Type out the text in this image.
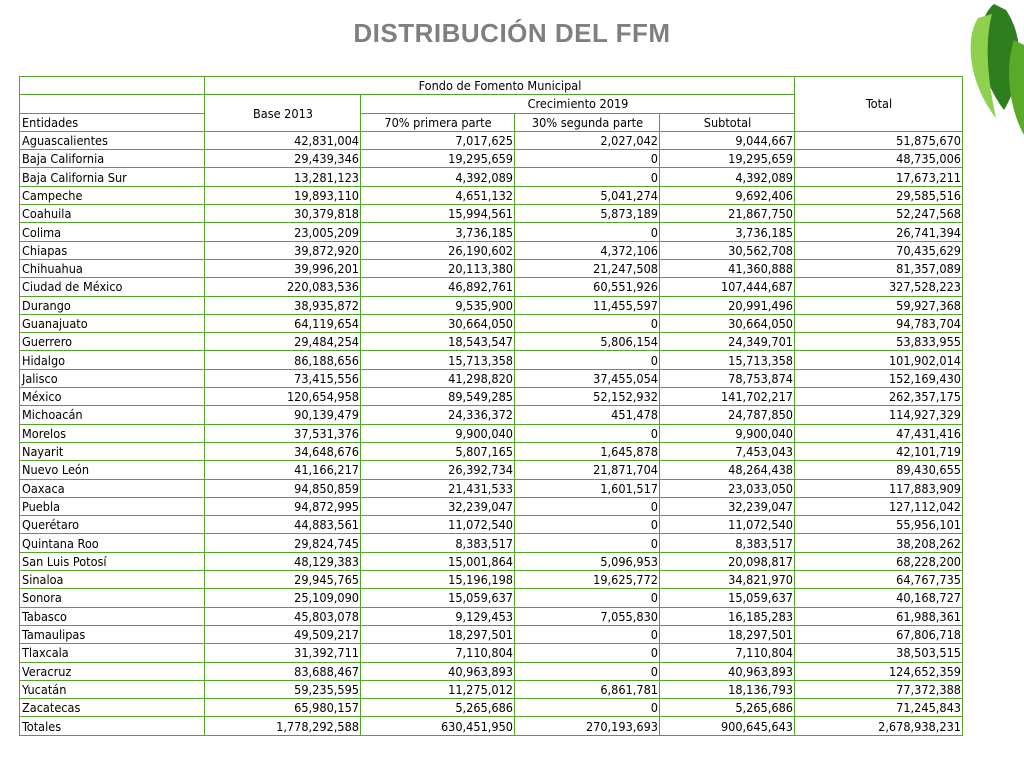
DISTRIBUCIÓN DEL FFM
	Fondo de Fomento Municipal				Total
	Base 2013	Crecimiento 2019			
Entidades		70% primera parte	30% segunda parte	Subtotal	
Aguascalientes	42,831,004	7,017,625	2,027,042	9,044,667	51,875,670
Baja California	29,439,346	19,295,659	0	19,295,659	48,735,006
Baja California Sur	13,281,123	4,392,089	0	4,392,089	17,673,211
Campeche	19,893,110	4,651,132	5,041,274	9,692,406	29,585,516
Coahuila	30,379,818	15,994,561	5,873,189	21,867,750	52,247,568
Colima	23,005,209	3,736,185	0	3,736,185	26,741,394
Chiapas	39,872,920	26,190,602	4,372,106	30,562,708	70,435,629
Chihuahua	39,996,201	20,113,380	21,247,508	41,360,888	81,357,089
Ciudad de México	220,083,536	46,892,761	60,551,926	107,444,687	327,528,223
Durango	38,935,872	9,535,900	11,455,597	20,991,496	59,927,368
Guanajuato	64,119,654	30,664,050	0	30,664,050	94,783,704
Guerrero	29,484,254	18,543,547	5,806,154	24,349,701	53,833,955
Hidalgo	86,188,656	15,713,358	0	15,713,358	101,902,014
Jalisco	73,415,556	41,298,820	37,455,054	78,753,874	152,169,430
México	120,654,958	89,549,285	52,152,932	141,702,217	262,357,175
Michoacán	90,139,479	24,336,372	451,478	24,787,850	114,927,329
Morelos	37,531,376	9,900,040	0	9,900,040	47,431,416
Nayarit	34,648,676	5,807,165	1,645,878	7,453,043	42,101,719
Nuevo León	41,166,217	26,392,734	21,871,704	48,264,438	89,430,655
Oaxaca	94,850,859	21,431,533	1,601,517	23,033,050	117,883,909
Puebla	94,872,995	32,239,047	0	32,239,047	127,112,042
Querétaro	44,883,561	11,072,540	0	11,072,540	55,956,101
Quintana Roo	29,824,745	8,383,517	0	8,383,517	38,208,262
San Luis Potosí	48,129,383	15,001,864	5,096,953	20,098,817	68,228,200
Sinaloa	29,945,765	15,196,198	19,625,772	34,821,970	64,767,735
Sonora	25,109,090	15,059,637	0	15,059,637	40,168,727
Tabasco	45,803,078	9,129,453	7,055,830	16,185,283	61,988,361
Tamaulipas	49,509,217	18,297,501	0	18,297,501	67,806,718
Tlaxcala	31,392,711	7,110,804	0	7,110,804	38,503,515
Veracruz	83,688,467	40,963,893	0	40,963,893	124,652,359
Yucatán	59,235,595	11,275,012	6,861,781	18,136,793	77,372,388
Zacatecas	65,980,157	5,265,686	0	5,265,686	71,245,843
Totales	1,778,292,588	630,451,950	270,193,693	900,645,643	2,678,938,231
